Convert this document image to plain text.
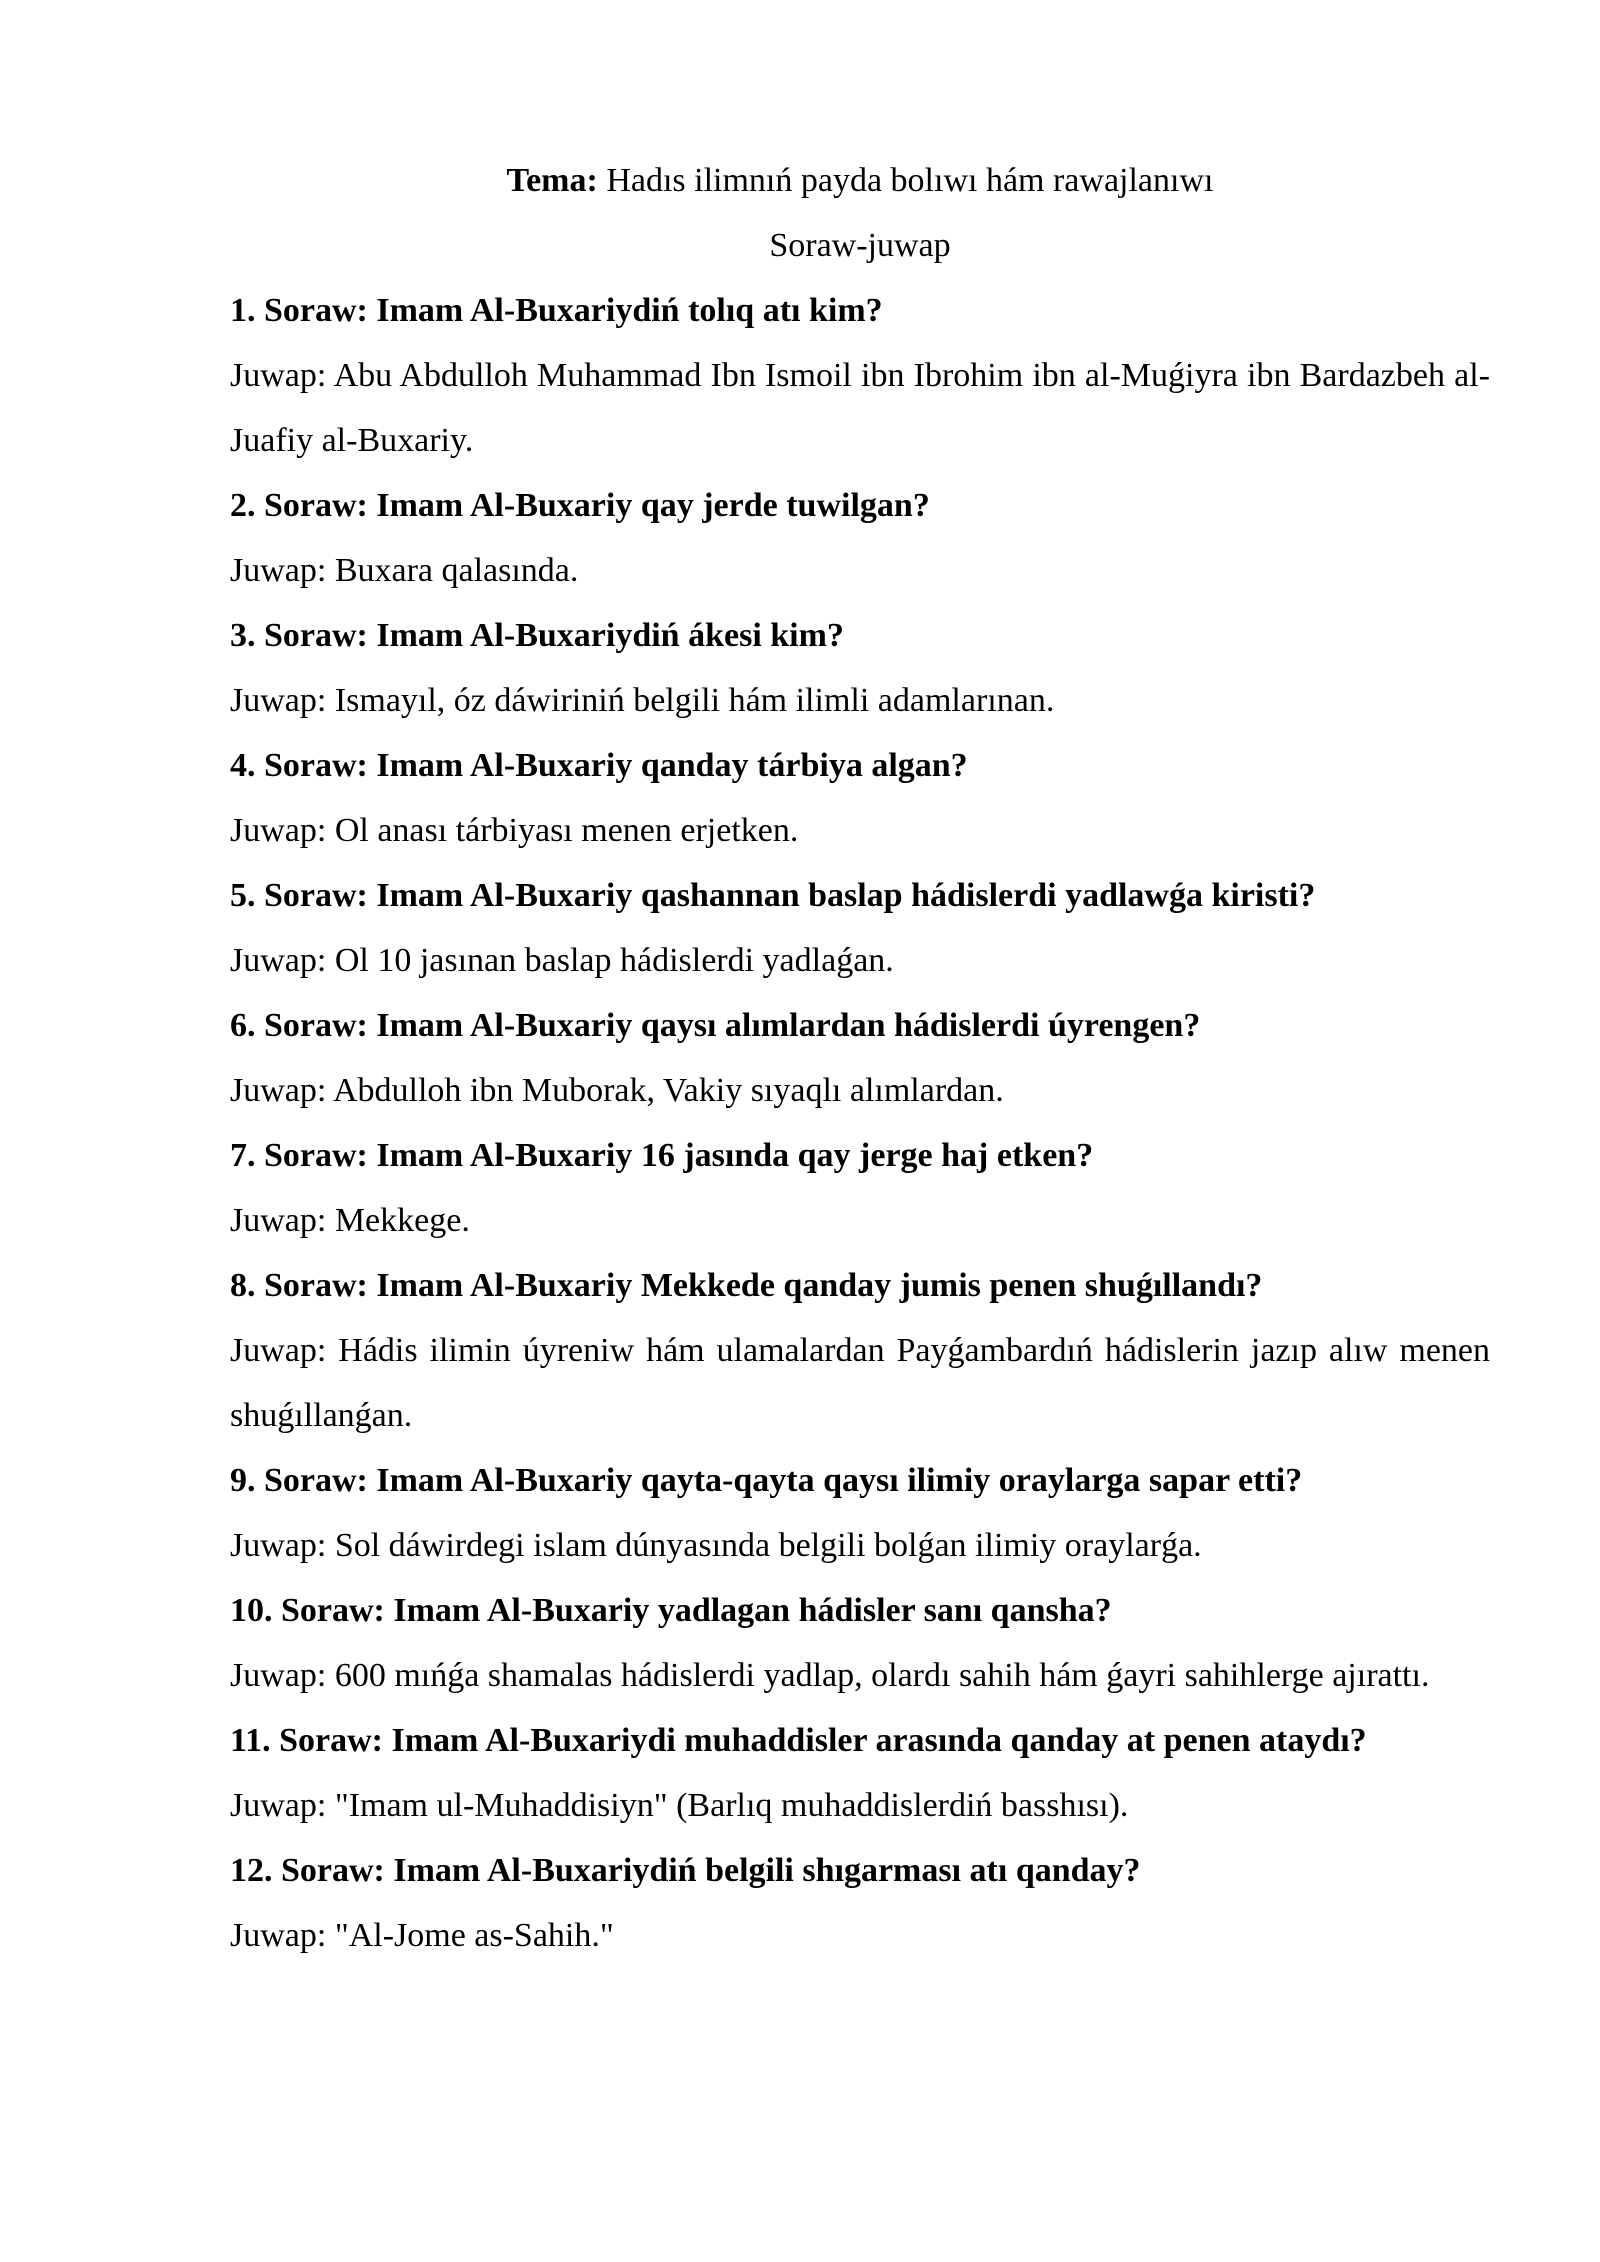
Tema: Hadıs ilimnıń payda bolıwı hám rawajlanıwı

Soraw-juwap

1. Soraw: Imam Al-Buxariydiń tolıq atı kim?

Juwap: Abu Abdulloh Muhammad Ibn Ismoil ibn Ibrohim ibn al-Muǵiyra ibn Bardazbeh al-Juafiy al-Buxariy.

2. Soraw: Imam Al-Buxariy qay jerde tuwilgan?

Juwap: Buxara qalasında.

3. Soraw: Imam Al-Buxariydiń ákesi kim?

Juwap: Ismayıl, óz dáwiriniń belgili hám ilimli adamlarınan.

4. Soraw: Imam Al-Buxariy qanday tárbiya algan?

Juwap: Ol anası tárbiyası menen erjetken.

5. Soraw: Imam Al-Buxariy qashannan baslap hádislerdi yadlawǵa kiristi?

Juwap: Ol 10 jasınan baslap hádislerdi yadlaǵan.

6. Soraw: Imam Al-Buxariy qaysı alımlardan hádislerdi úyrengen?

Juwap: Abdulloh ibn Muborak, Vakiy sıyaqlı alımlardan.

7. Soraw: Imam Al-Buxariy 16 jasında qay jerge haj etken?

Juwap: Mekkege.

8. Soraw: Imam Al-Buxariy Mekkede qanday jumis penen shuǵıllandı?

Juwap: Hádis ilimin úyreniw hám ulamalardan Payǵambardıń hádislerin jazıp alıw menen shuǵıllanǵan.

9. Soraw: Imam Al-Buxariy qayta-qayta qaysı ilimiy oraylarga sapar etti?

Juwap: Sol dáwirdegi islam dúnyasında belgili bolǵan ilimiy oraylarǵa.

10. Soraw: Imam Al-Buxariy yadlagan hádisler sanı qansha?

Juwap: 600 mıńǵa shamalas hádislerdi yadlap, olardı sahih hám ǵayri sahihlerge ajırattı.

11. Soraw: Imam Al-Buxariydi muhaddisler arasında qanday at penen ataydı?

Juwap: "Imam ul-Muhaddisiyn" (Barlıq muhaddislerdiń basshısı).

12. Soraw: Imam Al-Buxariydiń belgili shıgarması atı qanday?

Juwap: "Al-Jome as-Sahih."
